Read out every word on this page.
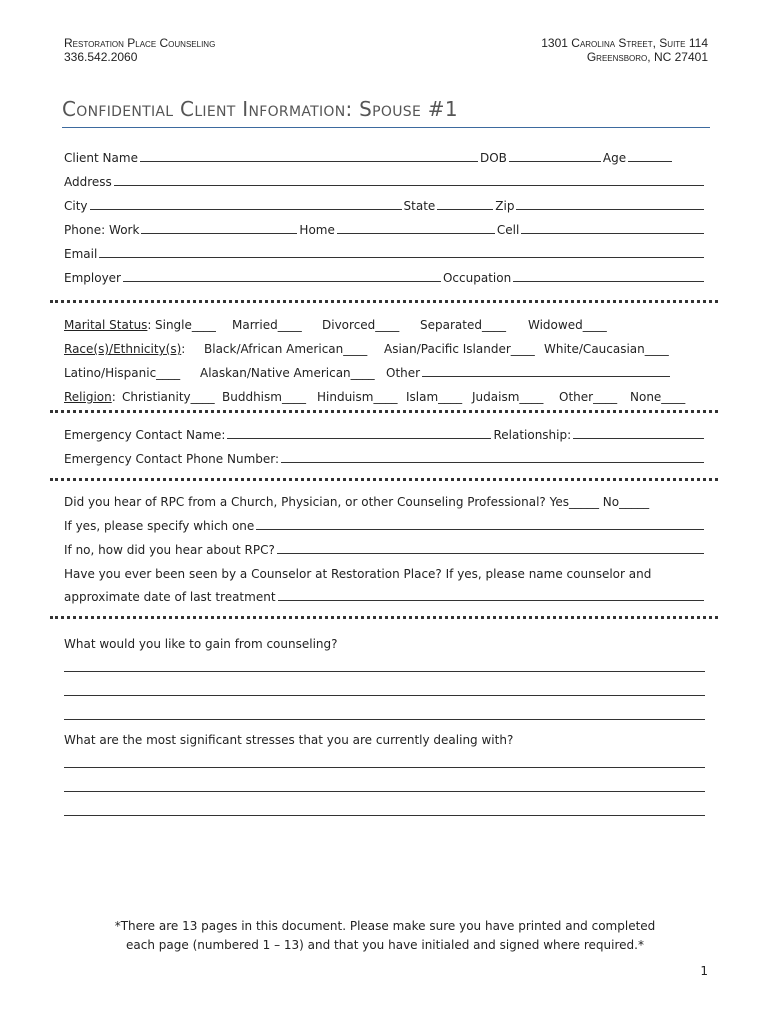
Restoration Place Counseling
336.542.2060
1301 Carolina Street, Suite 114
Greensboro, NC 27401
Confidential Client Information: Spouse #1
Client Name	DOB	Age
Address
City	State	Zip
Phone: Work	Home	Cell
Email
Employer	Occupation
Marital Status: Single____ Married____ Divorced____ Separated____ Widowed____
Race(s)/Ethnicity(s): Black/African American____ Asian/Pacific Islander____ White/Caucasian____
Latino/Hispanic____ Alaskan/Native American____ Other
Religion: Christianity____ Buddhism____ Hinduism____ Islam____ Judaism____ Other____ None____
Emergency Contact Name:	Relationship:
Emergency Contact Phone Number:
Did you hear of RPC from a Church, Physician, or other Counseling Professional? Yes_____ No_____
If yes, please specify which one
If no, how did you hear about RPC?
Have you ever been seen by a Counselor at Restoration Place? If yes, please name counselor and
approximate date of last treatment
What would you like to gain from counseling?
What are the most significant stresses that you are currently dealing with?
*There are 13 pages in this document. Please make sure you have printed and completed
each page (numbered 1 – 13) and that you have initialed and signed where required.*
1
